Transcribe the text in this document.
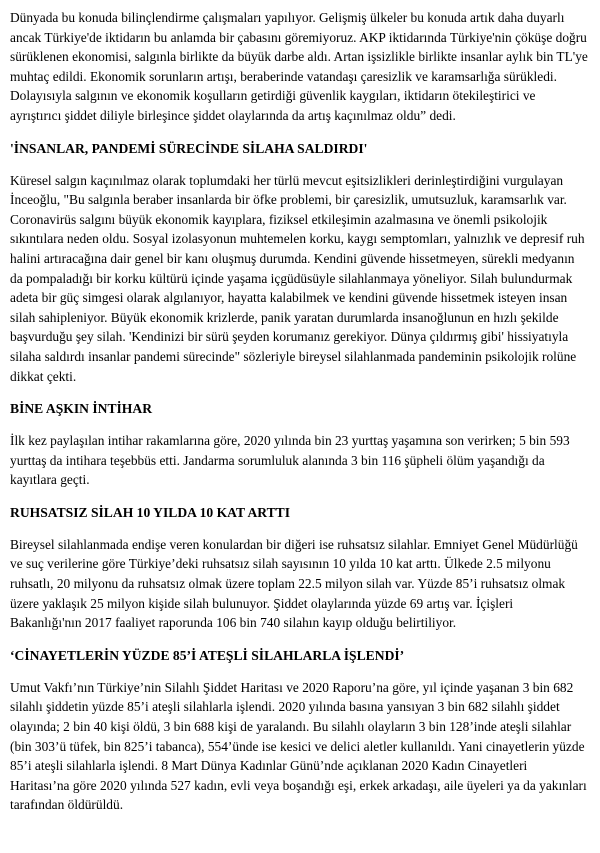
Dünyada bu konuda bilinçlendirme çalışmaları yapılıyor. Gelişmiş ülkeler bu konuda artık daha duyarlı ancak Türkiye'de iktidarın bu anlamda bir çabasını göremiyoruz. AKP iktidarında Türkiye'nin çöküşe doğru sürüklenen ekonomisi, salgınla birlikte da büyük darbe aldı. Artan işsizlikle birlikte insanlar aylık bin TL'ye muhtaç edildi. Ekonomik sorunların artışı, beraberinde vatandaşı çaresizlik ve karamsarlığa sürükledi. Dolayısıyla salgının ve ekonomik koşulların getirdiği güvenlik kaygıları, iktidarın ötekileştirici ve ayrıştırıcı şiddet diliyle birleşince şiddet olaylarında da artış kaçınılmaz oldu” dedi.

'İNSANLAR, PANDEMİ SÜRECİNDE SİLAHA SALDIRDI'

Küresel salgın kaçınılmaz olarak toplumdaki her türlü mevcut eşitsizlikleri derinleştirdiğini vurgulayan İnceoğlu, "Bu salgınla beraber insanlarda bir öfke problemi, bir çaresizlik, umutsuzluk, karamsarlık var. Coronavirüs salgını büyük ekonomik kayıplara, fiziksel etkileşimin azalmasına ve önemli psikolojik sıkıntılara neden oldu. Sosyal izolasyonun muhtemelen korku, kaygı semptomları, yalnızlık ve depresif ruh halini artıracağına dair genel bir kanı oluşmuş durumda. Kendini güvende hissetmeyen, sürekli medyanın da pompaladığı bir korku kültürü içinde yaşama içgüdüsüyle silahlanmaya yöneliyor. Silah bulundurmak adeta bir güç simgesi olarak algılanıyor, hayatta kalabilmek ve kendini güvende hissetmek isteyen insan silah sahipleniyor. Büyük ekonomik krizlerde, panik yaratan durumlarda insanoğlunun en hızlı şekilde başvurduğu şey silah. 'Kendinizi bir sürü şeyden korumanız gerekiyor. Dünya çıldırmış gibi' hissiyatıyla silaha saldırdı insanlar pandemi sürecinde" sözleriyle bireysel silahlanmada pandeminin psikolojik rolüne dikkat çekti.

BİNE AŞKIN İNTİHAR

İlk kez paylaşılan intihar rakamlarına göre, 2020 yılında bin 23 yurttaş yaşamına son verirken; 5 bin 593 yurttaş da intihara teşebbüs etti. Jandarma sorumluluk alanında 3 bin 116 şüpheli ölüm yaşandığı da kayıtlara geçti.

RUHSATSIZ SİLAH 10 YILDA 10 KAT ARTTI

Bireysel silahlanmada endişe veren konulardan bir diğeri ise ruhsatsız silahlar. Emniyet Genel Müdürlüğü ve suç verilerine göre Türkiye’deki ruhsatsız silah sayısının 10 yılda 10 kat arttı. Ülkede 2.5 milyonu ruhsatlı, 20 milyonu da ruhsatsız olmak üzere toplam 22.5 milyon silah var. Yüzde 85’i ruhsatsız olmak üzere yaklaşık 25 milyon kişide silah bulunuyor. Şiddet olaylarında yüzde 69 artış var. İçişleri Bakanlığı'nın 2017 faaliyet raporunda 106 bin 740 silahın kayıp olduğu belirtiliyor.

‘CİNAYETLERİN YÜZDE 85’İ ATEŞLİ SİLAHLARLA İŞLENDİ’

Umut Vakfı’nın Türkiye’nin Silahlı Şiddet Haritası ve 2020 Raporu’na göre, yıl içinde yaşanan 3 bin 682 silahlı şiddetin yüzde 85’i ateşli silahlarla işlendi. 2020 yılında basına yansıyan 3 bin 682 silahlı şiddet olayında; 2 bin 40 kişi öldü, 3 bin 688 kişi de yaralandı. Bu silahlı olayların 3 bin 128’inde ateşli silahlar (bin 303’ü tüfek, bin 825’i tabanca), 554’ünde ise kesici ve delici aletler kullanıldı. Yani cinayetlerin yüzde 85’i ateşli silahlarla işlendi. 8 Mart Dünya Kadınlar Günü’nde açıklanan 2020 Kadın Cinayetleri Haritası’na göre 2020 yılında 527 kadın, evli veya boşandığı eşi, erkek arkadaşı, aile üyeleri ya da yakınları tarafından öldürüldü.
